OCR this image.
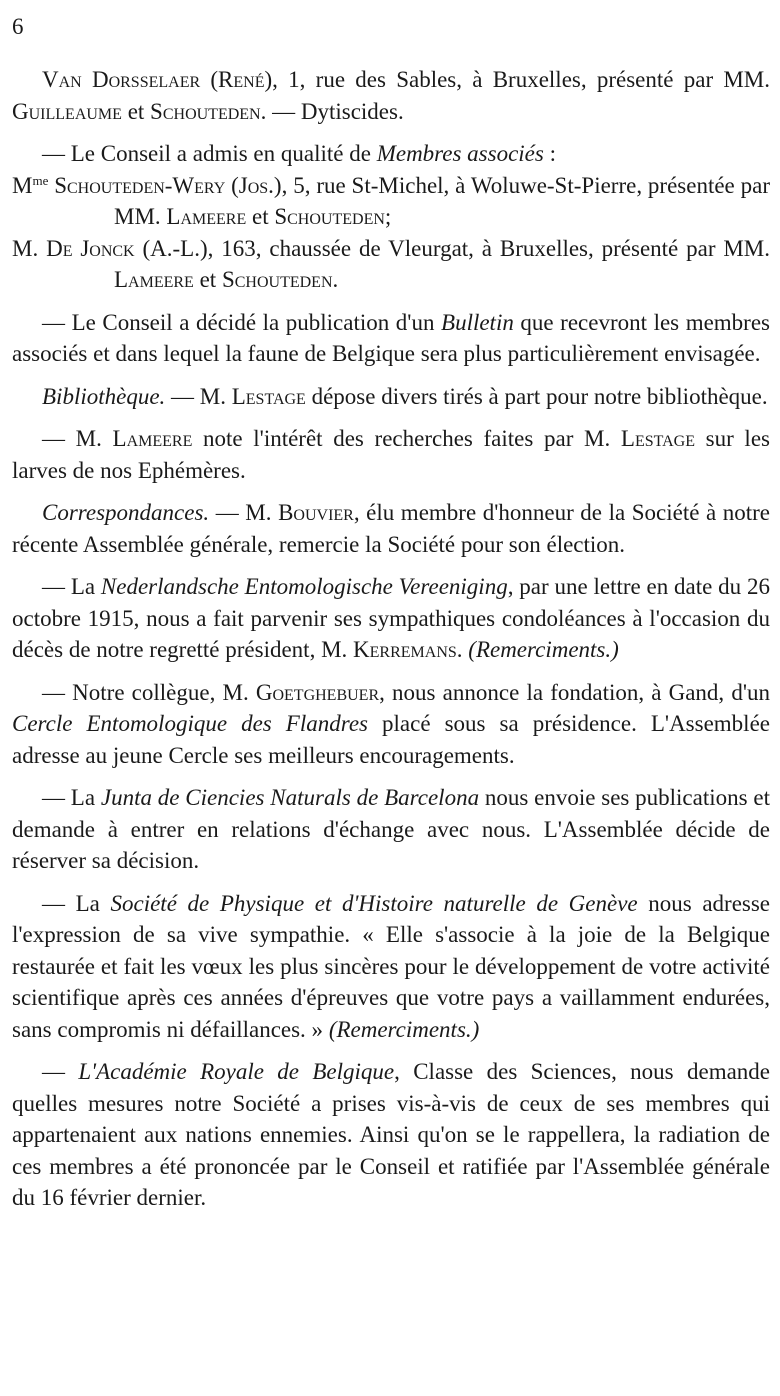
6

Van Dorsselaer (René), 1, rue des Sables, à Bruxelles, présenté par MM. Guilleaume et Schouteden. — Dytiscides.

— Le Conseil a admis en qualité de Membres associés :

$M^{me}$ Schouteden-Wery (Jos.), 5, rue St-Michel, à Woluwe-St-Pierre, présentée par MM. Lameere et Schouteden;

M. De Jonck (A.-L.), 163, chaussée de Vleurgat, à Bruxelles, présenté par MM. Lameere et Schouteden.

— Le Conseil a décidé la publication d'un Bulletin que recevront les membres associés et dans lequel la faune de Belgique sera plus particulièrement envisagée.

Bibliothèque. — M. Lestage dépose divers tirés à part pour notre bibliothèque.

— M. Lameere note l'intérêt des recherches faites par M. Lestage sur les larves de nos Ephémères.

Correspondances. — M. Bouvier, élu membre d'honneur de la Société à notre récente Assemblée générale, remercie la Société pour son élection.

— La Nederlandsche Entomologische Vereeniging, par une lettre en date du 26 octobre 1915, nous a fait parvenir ses sympathiques condoléances à l'occasion du décès de notre regretté président, M. Kerremans. (Remerciments.)

— Notre collègue, M. Goetghebuer, nous annonce la fondation, à Gand, d'un Cercle Entomologique des Flandres placé sous sa présidence. L'Assemblée adresse au jeune Cercle ses meilleurs encouragements.

— La Junta de Ciencies Naturals de Barcelona nous envoie ses publications et demande à entrer en relations d'échange avec nous. L'Assemblée décide de réserver sa décision.

— La Société de Physique et d'Histoire naturelle de Genève nous adresse l'expression de sa vive sympathie. « Elle s'associe à la joie de la Belgique restaurée et fait les vœux les plus sincères pour le développement de votre activité scientifique après ces années d'épreuves que votre pays a vaillamment endurées, sans compromis ni défaillances. » (Remerciments.)

— L'Académie Royale de Belgique, Classe des Sciences, nous demande quelles mesures notre Société a prises vis-à-vis de ceux de ses membres qui appartenaient aux nations ennemies. Ainsi qu'on se le rappellera, la radiation de ces membres a été prononcée par le Conseil et ratifiée par l'Assemblée générale du 16 février dernier.
